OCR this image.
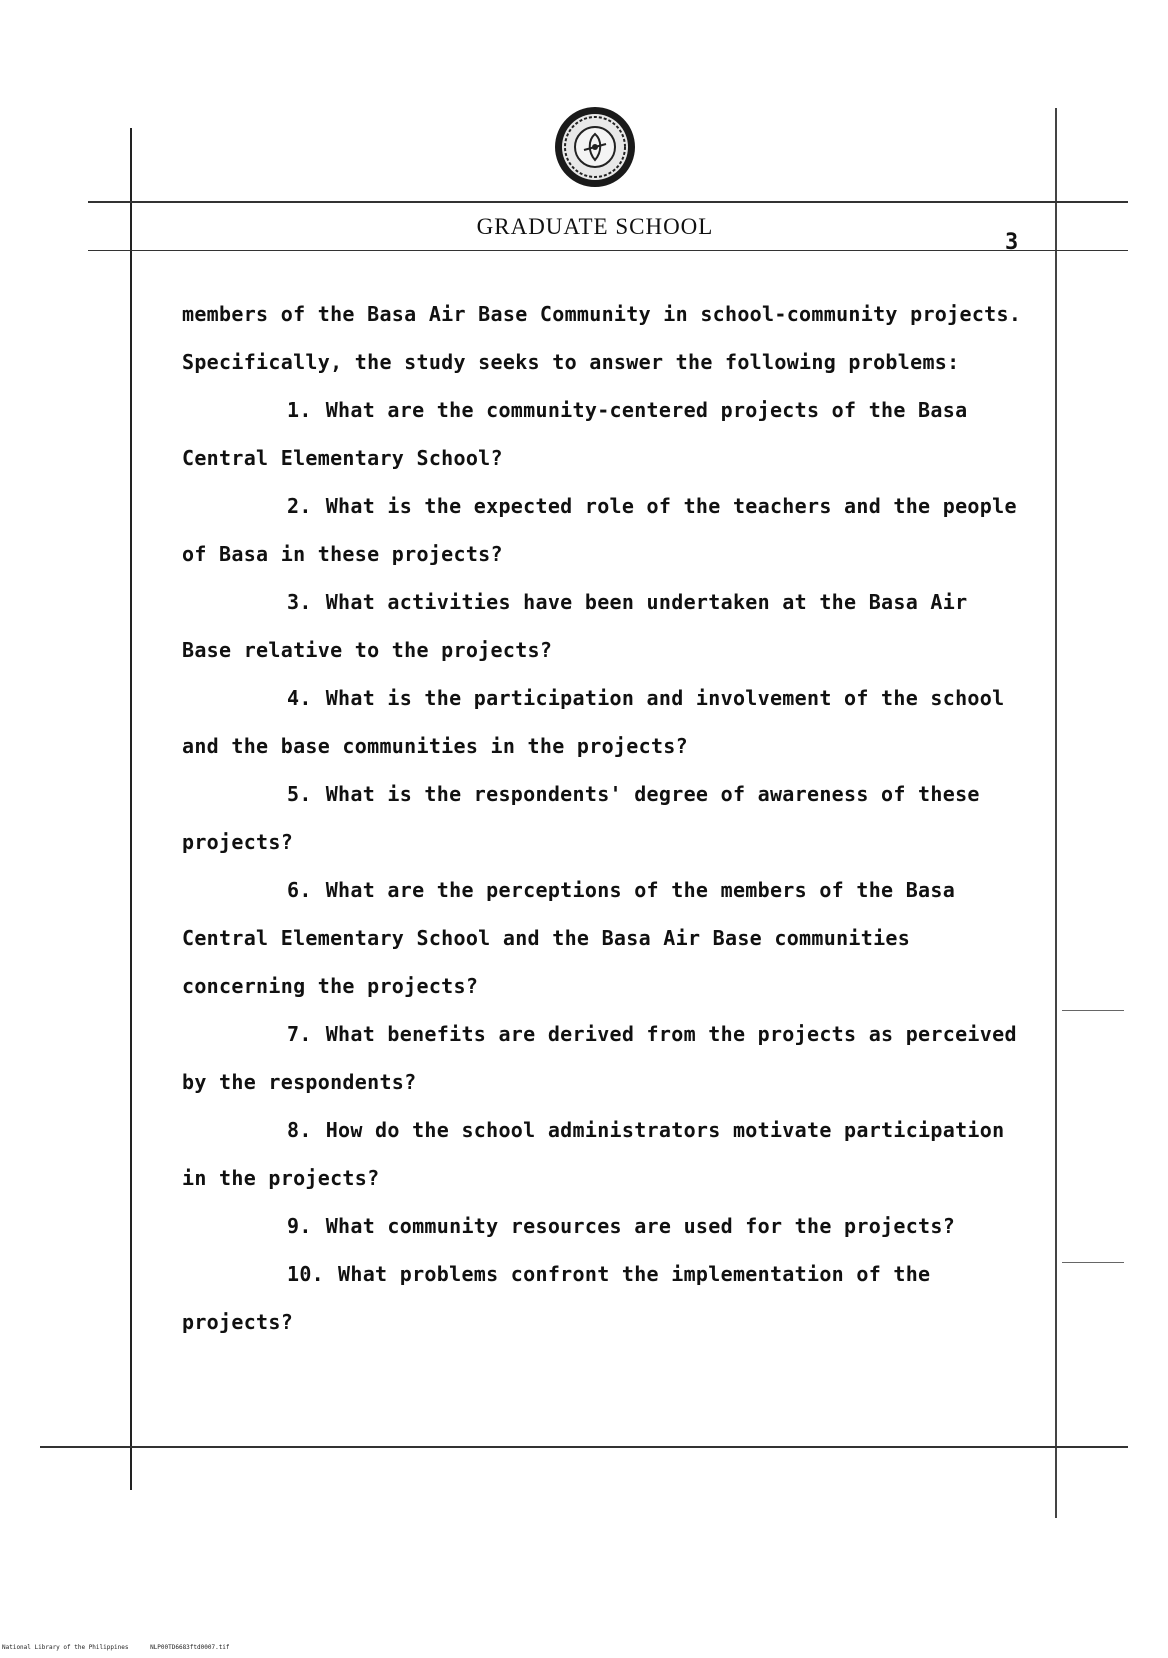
GRADUATE SCHOOL
3

members of the Basa Air Base Community in school-community projects. Specifically, the study seeks to answer the following problems:

1. What are the community-centered projects of the Basa Central Elementary School?

2. What is the expected role of the teachers and the people of Basa in these projects?

3. What activities have been undertaken at the Basa Air Base relative to the projects?

4. What is the participation and involvement of the school and the base communities in the projects?

5. What is the respondents' degree of awareness of these projects?

6. What are the perceptions of the members of the Basa Central Elementary School and the Basa Air Base communities concerning the projects?

7. What benefits are derived from the projects as perceived by the respondents?

8. How do the school administrators motivate participation in the projects?

9. What community resources are used for the projects?

10. What problems confront the implementation of the projects?

National Library of the Philippines	NLP00TD6683ftd0007.tif
